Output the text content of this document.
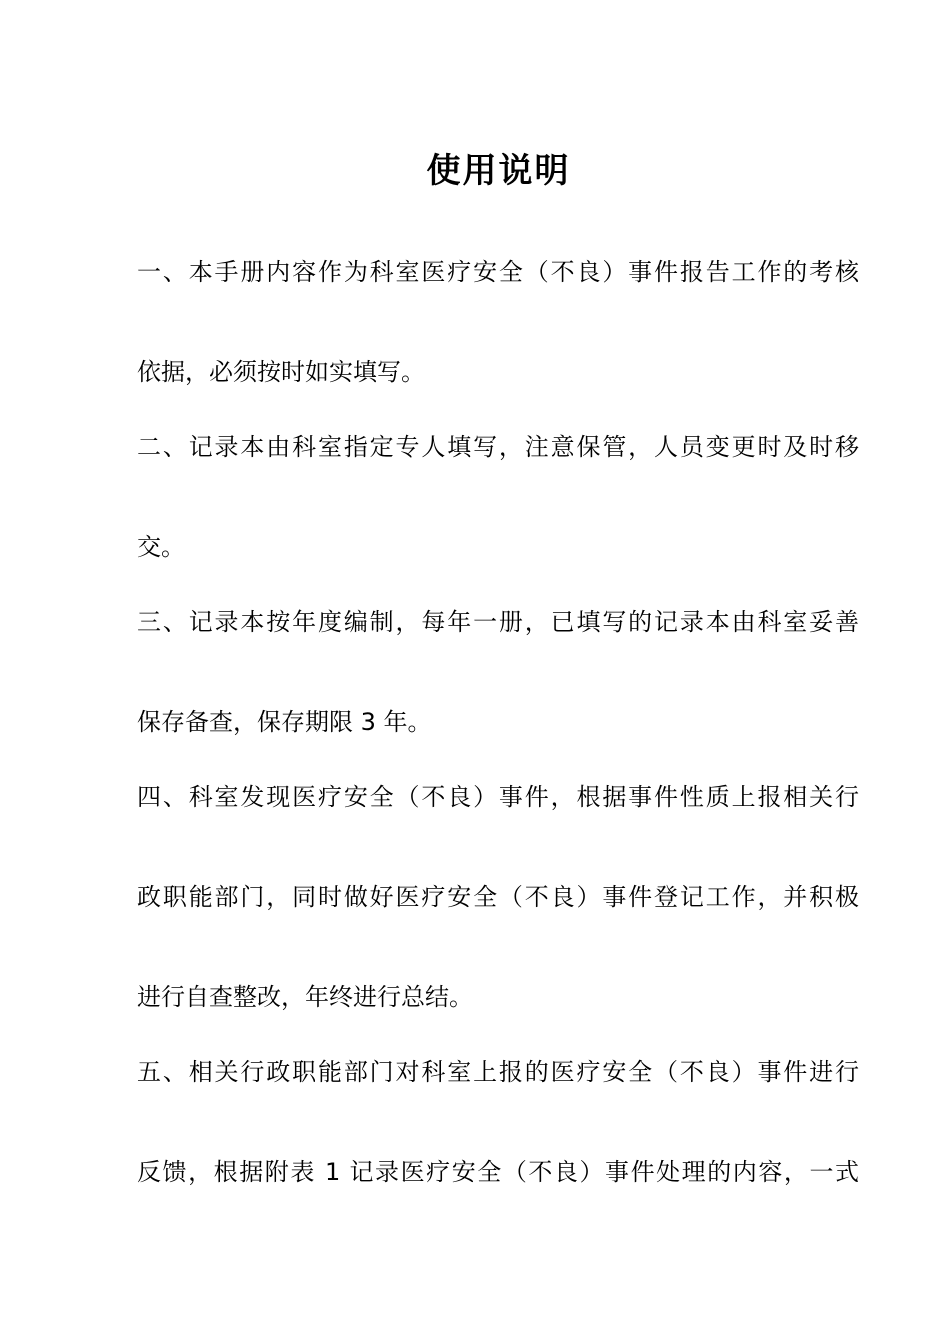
使用说明
一、本手册内容作为科室医疗安全（不良）事件报告工作的考核
依据，必须按时如实填写。
二、记录本由科室指定专人填写，注意保管，人员变更时及时移
交。
三、记录本按年度编制，每年一册，已填写的记录本由科室妥善
保存备查，保存期限 3 年。
四、科室发现医疗安全（不良）事件，根据事件性质上报相关行
政职能部门，同时做好医疗安全（不良）事件登记工作，并积极
进行自查整改，年终进行总结。
五、相关行政职能部门对科室上报的医疗安全（不良）事件进行
反馈，根据附表 1 记录医疗安全（不良）事件处理的内容，一式
